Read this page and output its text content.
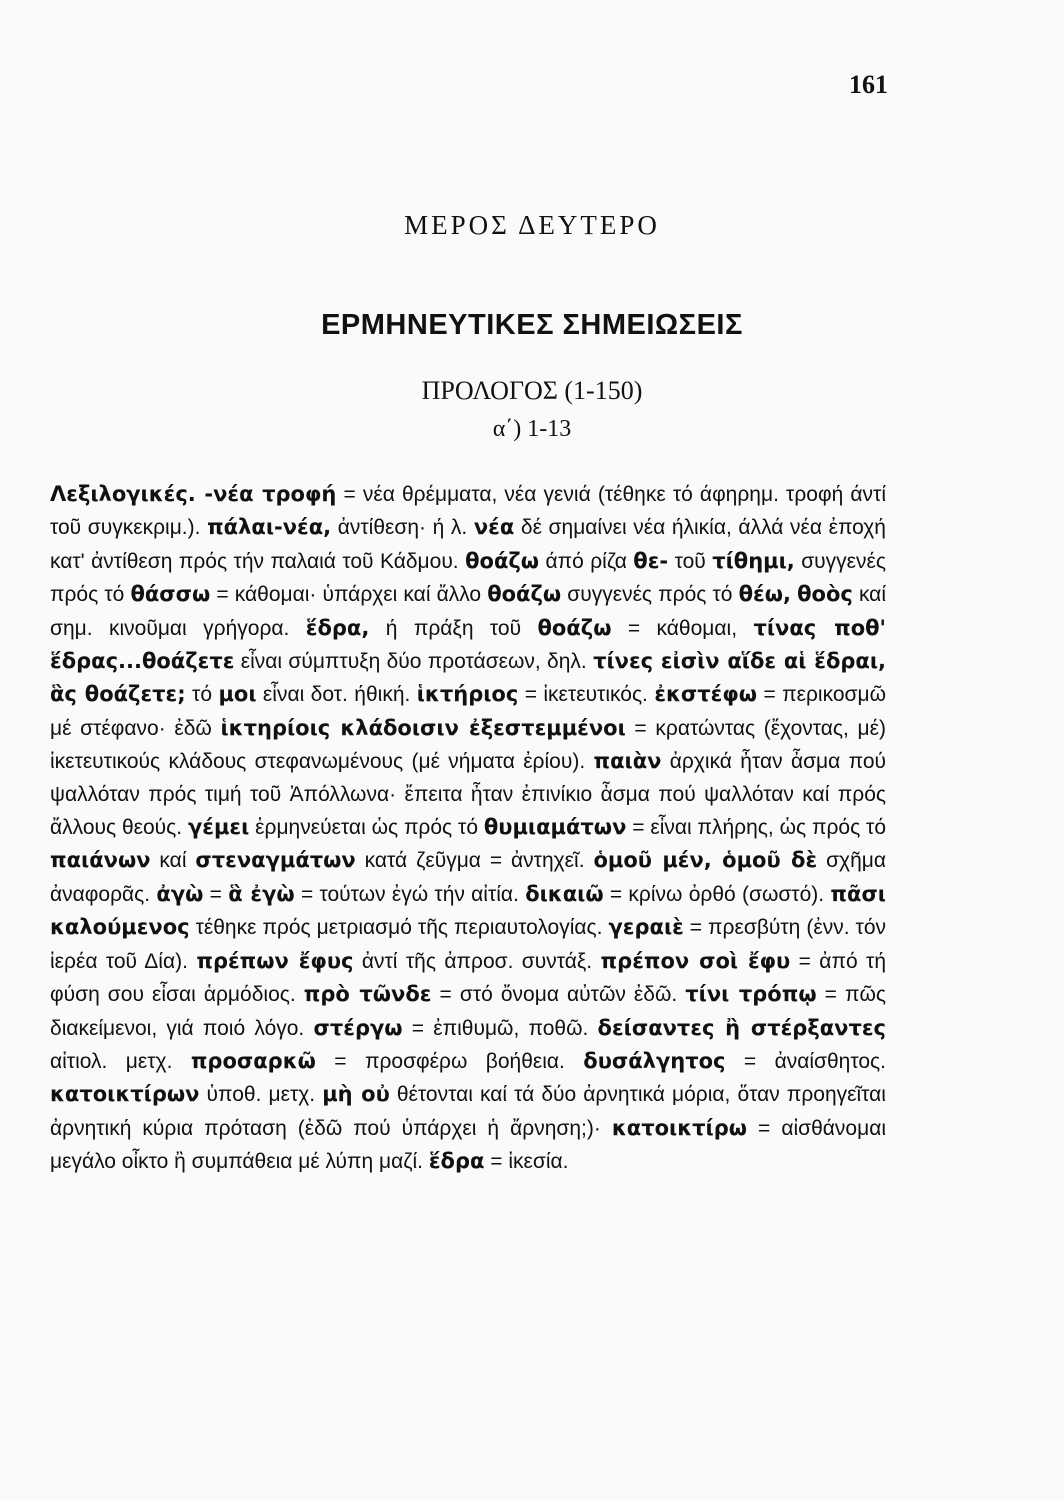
161

ΜΕΡΟΣ ΔΕΥΤΕΡΟ

ΕΡΜΗΝΕΥΤΙΚΕΣ ΣΗΜΕΙΩΣΕΙΣ

ΠΡΟΛΟΓΟΣ (1-150)

α΄) 1-13

Λεξιλογικές. -νέα τροφή = νέα θρέμματα, νέα γενιά (τέθηκε τό άφηρημ. τροφή άντί τοῦ συγκεκριμ.). πάλαι-νέα, ἀντίθεση· ή λ. νέα δέ σημαίνει νέα ήλικία, άλλά νέα ἐποχή κατ' ἀντίθεση πρός τήν παλαιά τοῦ Κάδμου. θοάζω άπό ρίζα θε- τοῦ τίθημι, συγγενές πρός τό θάσσω = κάθομαι· ὑπάρχει καί ἄλλο θοάζω συγγενές πρός τό θέω, θοὸς καί σημ. κινοῦμαι γρήγορα. ἕδρα, ή πράξη τοῦ θοάζω = κάθομαι, τίνας ποθ' ἕδρας...θοάζετε εἶναι σύμπτυξη δύο προτάσεων, δηλ. τίνες εἰσὶν αἵδε αἱ ἕδραι, ἃς θοάζετε; τό μοι εἶναι δοτ. ήθική. ἱκτήριος = ἱκετευτικός. ἐκστέφω = περικοσμῶ μέ στέφανο· ἐδῶ ἱκτηρίοις κλάδοισιν ἐξεστεμμένοι = κρατώντας (ἔχοντας, μέ) ἱκετευτικούς κλάδους στεφανωμένους (μέ νήματα ἐρίου). παιὰν ἀρχικά ἦταν ἆσμα πού ψαλλόταν πρός τιμή τοῦ Ἀπόλλωνα· ἔπειτα ἦταν ἐπινίκιο ἆσμα πού ψαλλόταν καί πρός ἄλλους θεούς. γέμει ἑρμηνεύεται ὡς πρός τό θυμιαμάτων = εἶναι πλήρης, ὡς πρός τό παιάνων καί στεναγμάτων κατά ζεῦγμα = ἀντηχεῖ. ὁμοῦ μέν, ὁμοῦ δὲ σχῆμα ἀναφορᾶς. ἀγὼ = ἃ ἐγὼ = τούτων ἐγώ τήν αἰτία. δικαιῶ = κρίνω ὀρθό (σωστό). πᾶσι καλούμενος τέθηκε πρός μετριασμό τῆς περιαυτολογίας. γεραιὲ = πρεσβύτη (ἐνν. τόν ἱερέα τοῦ Δία). πρέπων ἔφυς ἀντί τῆς ἀπροσ. συντάξ. πρέπον σοὶ ἔφυ = ἀπό τή φύση σου εἶσαι ἁρμόδιος. πρὸ τῶνδε = στό ὄνομα αὐτῶν ἐδῶ. τίνι τρόπῳ = πῶς διακείμενοι, γιά ποιό λόγο. στέργω = ἐπιθυμῶ, ποθῶ. δείσαντες ἢ στέρξαντες αἰτιολ. μετχ. προσαρκῶ = προσφέρω βοήθεια. δυσάλγητος = ἀναίσθητος. κατοικτίρων ὑποθ. μετχ. μὴ οὐ θέτονται καί τά δύο ἀρνητικά μόρια, ὅταν προηγεῖται ἀρνητική κύρια πρόταση (ἐδῶ πού ὑπάρχει ἡ ἄρνηση;)· κατοικτίρω = αἰσθάνομαι μεγάλο οἶκτο ἢ συμπάθεια μέ λύπη μαζί. ἕδρα = ἱκεσία.
